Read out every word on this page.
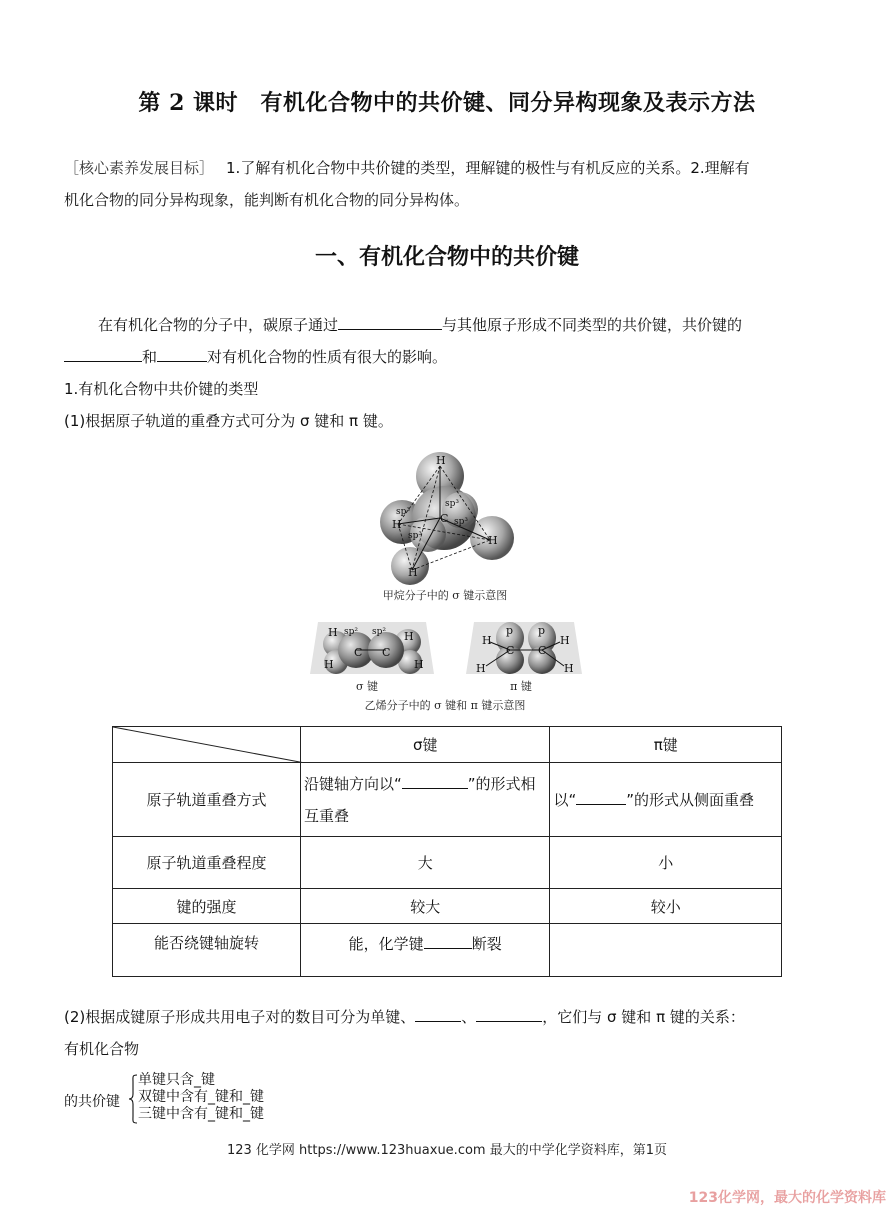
第 2 课时　有机化合物中的共价键、同分异构现象及表示方法
［核心素养发展目标］ 1.了解有机化合物中共价键的类型，理解键的极性与有机反应的关系。2.理解有
机化合物的同分异构现象，能判断有机化合物的同分异构体。
一、有机化合物中的共价键
在有机化合物的分子中，碳原子通过	与其他原子形成不同类型的共价键，共价键的
和	对有机化合物的性质有很大的影响。
1.有机化合物中共价键的类型
(1)根据原子轨道的重叠方式可分为 σ 键和 π 键。
H
H
H
H
C
sp³
sp³
sp³
sp³
甲烷分子中的 σ 键示意图
H
H
H
H
C C
sp² sp²
σ 键
H
H
H
H
C C
p p
π 键
乙烯分子中的 σ 键和 π 键示意图
	σ键	π键
原子轨道重叠方式	沿键轴方向以“ ”的形式相互重叠	以“ ”的形式从侧面重叠
原子轨道重叠程度	大	小
键的强度	较大	较小
能否绕键轴旋转	能，化学键 断裂	
(2)根据成键原子形成共用电子对的数目可分为单键、	、	，它们与 σ 键和 π 键的关系：
有机化合物
的共价键
单键只含_键
双键中含有_键和_键
三键中含有_键和_键
123 化学网 https://www.123huaxue.com 最大的中学化学资料库，第1页
123化学网，最大的化学资料库
